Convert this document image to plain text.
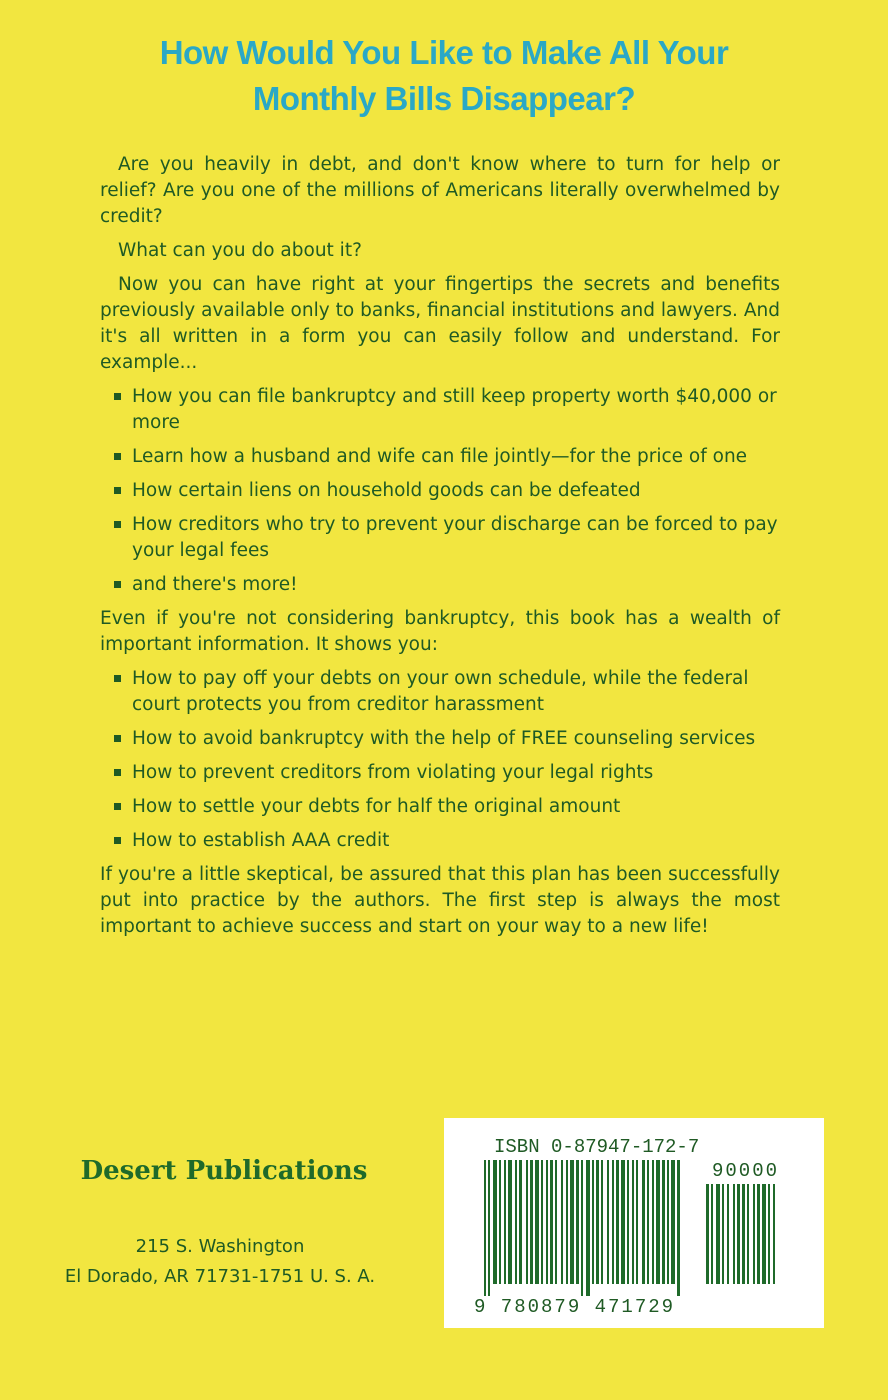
How Would You Like to Make All Your
Monthly Bills Disappear?

Are you heavily in debt, and don't know where to turn for help or relief? Are you one of the millions of Americans literally overwhelmed by credit?

What can you do about it?

Now you can have right at your fingertips the secrets and benefits previously available only to banks, financial institutions and lawyers. And it's all written in a form you can easily follow and understand. For example...

How you can file bankruptcy and still keep property worth $40,000 or more
Learn how a husband and wife can file jointly—for the price of one
How certain liens on household goods can be defeated
How creditors who try to prevent your discharge can be forced to pay your legal fees
and there's more!

Even if you're not considering bankruptcy, this book has a wealth of important information. It shows you:

How to pay off your debts on your own schedule, while the federal court protects you from creditor harassment
How to avoid bankruptcy with the help of FREE counseling services
How to prevent creditors from violating your legal rights
How to settle your debts for half the original amount
How to establish AAA credit

If you're a little skeptical, be assured that this plan has been successfully put into practice by the authors. The first step is always the most important to achieve success and start on your way to a new life!

Desert Publications
215 S. Washington
El Dorado, AR 71731-1751 U. S. A.
ISBN 0-87947-172-7
90000
9 780879 471729
